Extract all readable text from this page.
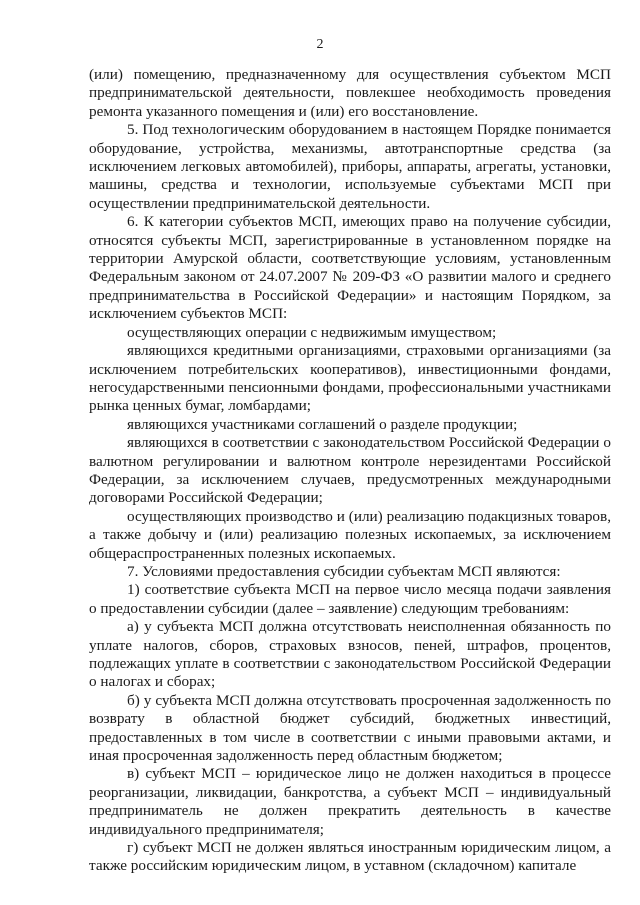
2

(или) помещению, предназначенному для осуществления субъектом МСП предпринимательской деятельности, повлекшее необходимость проведения ремонта указанного помещения и (или) его восстановление.

5. Под технологическим оборудованием в настоящем Порядке понимается оборудование, устройства, механизмы, автотранспортные средства (за исключением легковых автомобилей), приборы, аппараты, агрегаты, установки, машины, средства и технологии, используемые субъектами МСП при осуществлении предпринимательской деятельности.

6. К категории субъектов МСП, имеющих право на получение субсидии, относятся субъекты МСП, зарегистрированные в установленном порядке на территории Амурской области, соответствующие условиям, установленным Федеральным законом от 24.07.2007 № 209-ФЗ «О развитии малого и среднего предпринимательства в Российской Федерации» и настоящим Порядком, за исключением субъектов МСП:

осуществляющих операции с недвижимым имуществом;

являющихся кредитными организациями, страховыми организациями (за исключением потребительских кооперативов), инвестиционными фондами, негосударственными пенсионными фондами, профессиональными участниками рынка ценных бумаг, ломбардами;

являющихся участниками соглашений о разделе продукции;

являющихся в соответствии с законодательством Российской Федерации о валютном регулировании и валютном контроле нерезидентами Российской Федерации, за исключением случаев, предусмотренных международными договорами Российской Федерации;

осуществляющих производство и (или) реализацию подакцизных товаров, а также добычу и (или) реализацию полезных ископаемых, за исключением общераспространенных полезных ископаемых.

7. Условиями предоставления субсидии субъектам МСП являются:

1) соответствие субъекта МСП на первое число месяца подачи заявления о предоставлении субсидии (далее – заявление) следующим требованиям:

а) у субъекта МСП должна отсутствовать неисполненная обязанность по уплате налогов, сборов, страховых взносов, пеней, штрафов, процентов, подлежащих уплате в соответствии с законодательством Российской Федерации о налогах и сборах;

б) у субъекта МСП должна отсутствовать просроченная задолженность по возврату в областной бюджет субсидий, бюджетных инвестиций, предоставленных в том числе в соответствии с иными правовыми актами, и иная просроченная задолженность перед областным бюджетом;

в) субъект МСП – юридическое лицо не должен находиться в процессе реорганизации, ликвидации, банкротства, а субъект МСП – индивидуальный предприниматель не должен прекратить деятельность в качестве индивидуального предпринимателя;

г) субъект МСП не должен являться иностранным юридическим лицом, а также российским юридическим лицом, в уставном (складочном) капитале
